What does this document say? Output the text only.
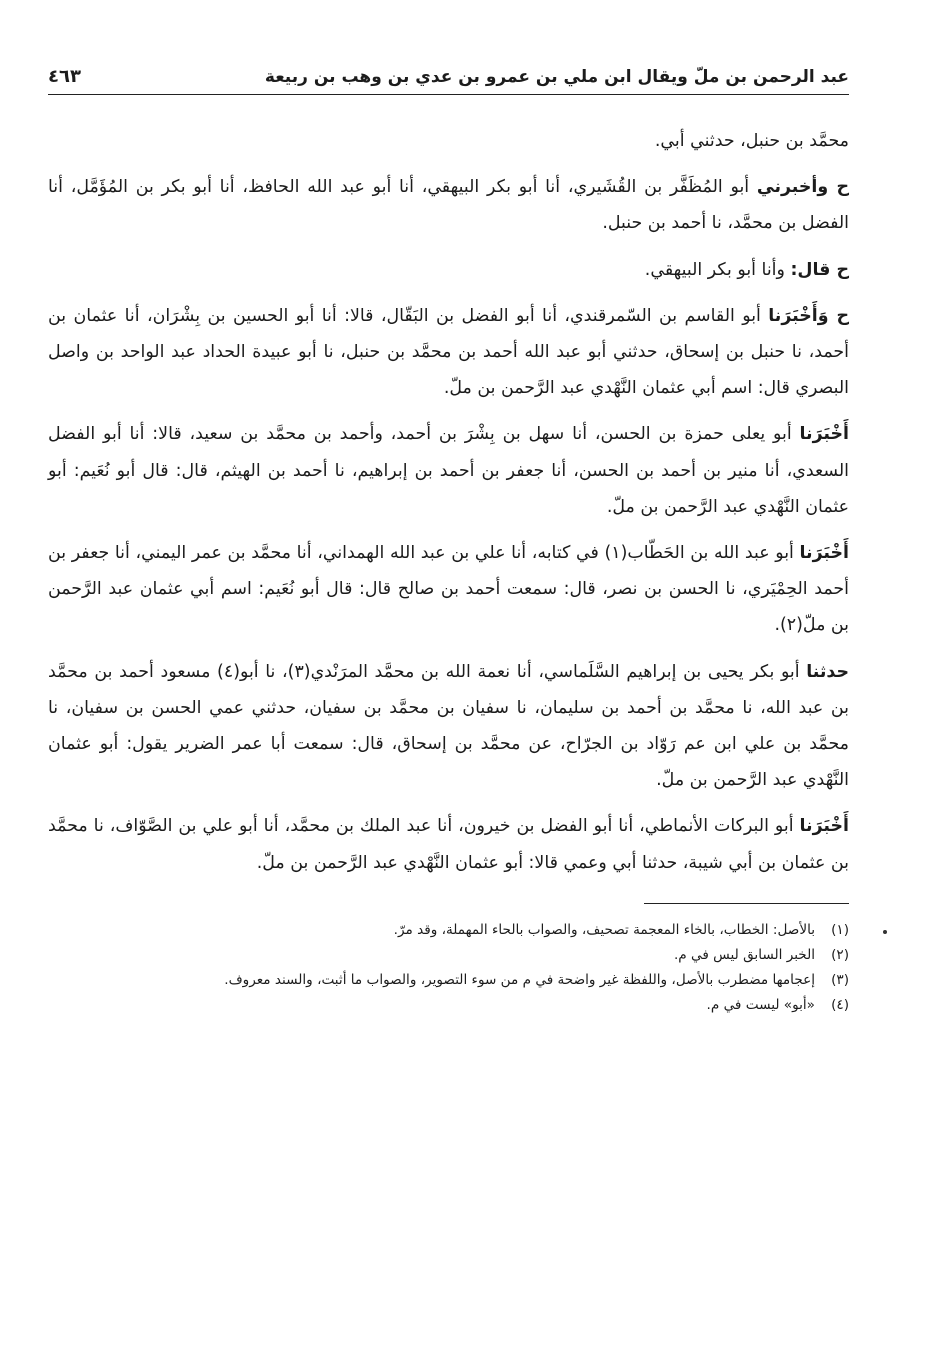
عبد الرحمن بن ملّ ويقال ابن ملي بن عمرو بن عدي بن وهب بن ربيعة
٤٦٣

محمَّد بن حنبل، حدثني أبي.

ح وأخبرني أبو المُظَفَّر بن القُشَيري، أنا أبو بكر البيهقي، أنا أبو عبد الله الحافظ، أنا أبو بكر بن المُؤَمَّل، أنا الفضل بن محمَّد، نا أحمد بن حنبل.

ح قال: وأنا أبو بكر البيهقي.

ح وَأَخْبَرَنا أبو القاسم بن السّمرقندي، أنا أبو الفضل بن البَقّال، قالا: أنا أبو الحسين بن بِشْرَان، أنا عثمان بن أحمد، نا حنبل بن إسحاق، حدثني أبو عبد الله أحمد بن محمَّد بن حنبل، نا أبو عبيدة الحداد عبد الواحد بن واصل البصري قال: اسم أبي عثمان النَّهْدي عبد الرَّحمن بن ملّ.

أَخْبَرَنا أبو يعلى حمزة بن الحسن، أنا سهل بن بِشْرَ بن أحمد، وأحمد بن محمَّد بن سعيد، قالا: أنا أبو الفضل السعدي، أنا منير بن أحمد بن الحسن، أنا جعفر بن أحمد بن إبراهيم، نا أحمد بن الهيثم، قال: قال أبو نُعَيم: أبو عثمان النَّهْدي عبد الرَّحمن بن ملّ.

أَخْبَرَنا أبو عبد الله بن الحَطّاب(١) في كتابه، أنا علي بن عبد الله الهمداني، أنا محمَّد بن عمر اليمني، أنا جعفر بن أحمد الحِمْيَري، نا الحسن بن نصر، قال: سمعت أحمد بن صالح قال: قال أبو نُعَيم: اسم أبي عثمان عبد الرَّحمن بن ملّ(٢).

حدثنا أبو بكر يحيى بن إبراهيم السَّلَماسي، أنا نعمة الله بن محمَّد المرَنْدي(٣)، نا أبو(٤) مسعود أحمد بن محمَّد بن عبد الله، نا محمَّد بن أحمد بن سليمان، نا سفيان بن محمَّد بن سفيان، حدثني عمي الحسن بن سفيان، نا محمَّد بن علي ابن عم رَوّاد بن الجرّاح، عن محمَّد بن إسحاق، قال: سمعت أبا عمر الضرير يقول: أبو عثمان النَّهْدي عبد الرَّحمن بن ملّ.

أَخْبَرَنا أبو البركات الأنماطي، أنا أبو الفضل بن خيرون، أنا عبد الملك بن محمَّد، أنا أبو علي بن الصَّوّاف، نا محمَّد بن عثمان بن أبي شيبة، حدثنا أبي وعمي قالا: أبو عثمان النَّهْدي عبد الرَّحمن بن ملّ.

(١)بالأصل: الخطاب، بالخاء المعجمة تصحيف، والصواب بالحاء المهملة، وقد مرّ.

(٢)الخبر السابق ليس في م.

(٣)إعجامها مضطرب بالأصل، واللفظة غير واضحة في م من سوء التصوير، والصواب ما أثبت، والسند معروف.

(٤)«أبو» ليست في م.
